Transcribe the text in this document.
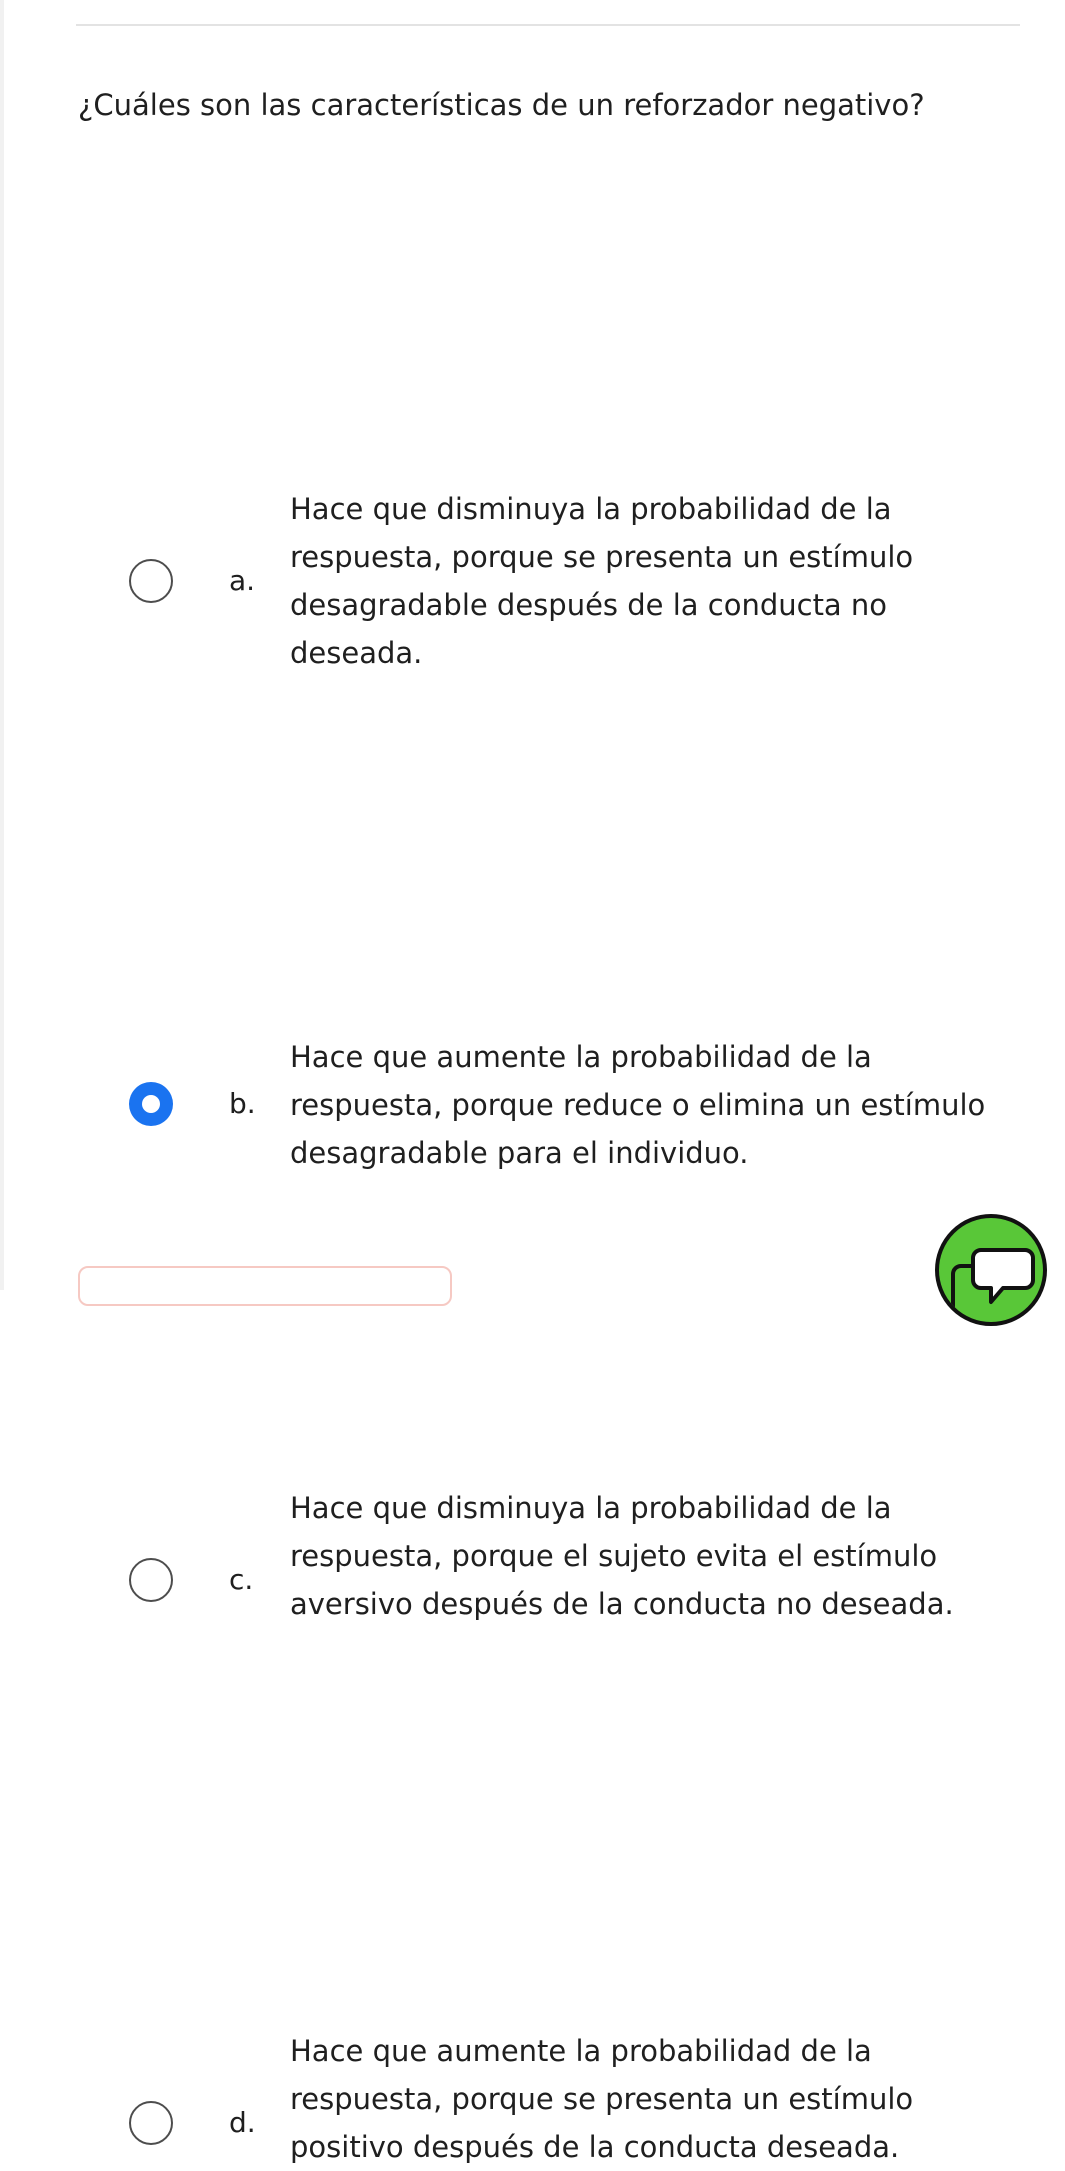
¿Cuáles son las características de un reforzador negativo?

a.

Hace que disminuya la probabilidad de la respuesta, porque se presenta un estímulo desagradable después de la conducta no deseada.

b.

Hace que aumente la probabilidad de la respuesta, porque reduce o elimina un estímulo desagradable para el individuo.

c.

Hace que disminuya la probabilidad de la respuesta, porque el sujeto evita el estímulo aversivo después de la conducta no deseada.

d.

Hace que aumente la probabilidad de la respuesta, porque se presenta un estímulo positivo después de la conducta deseada.
